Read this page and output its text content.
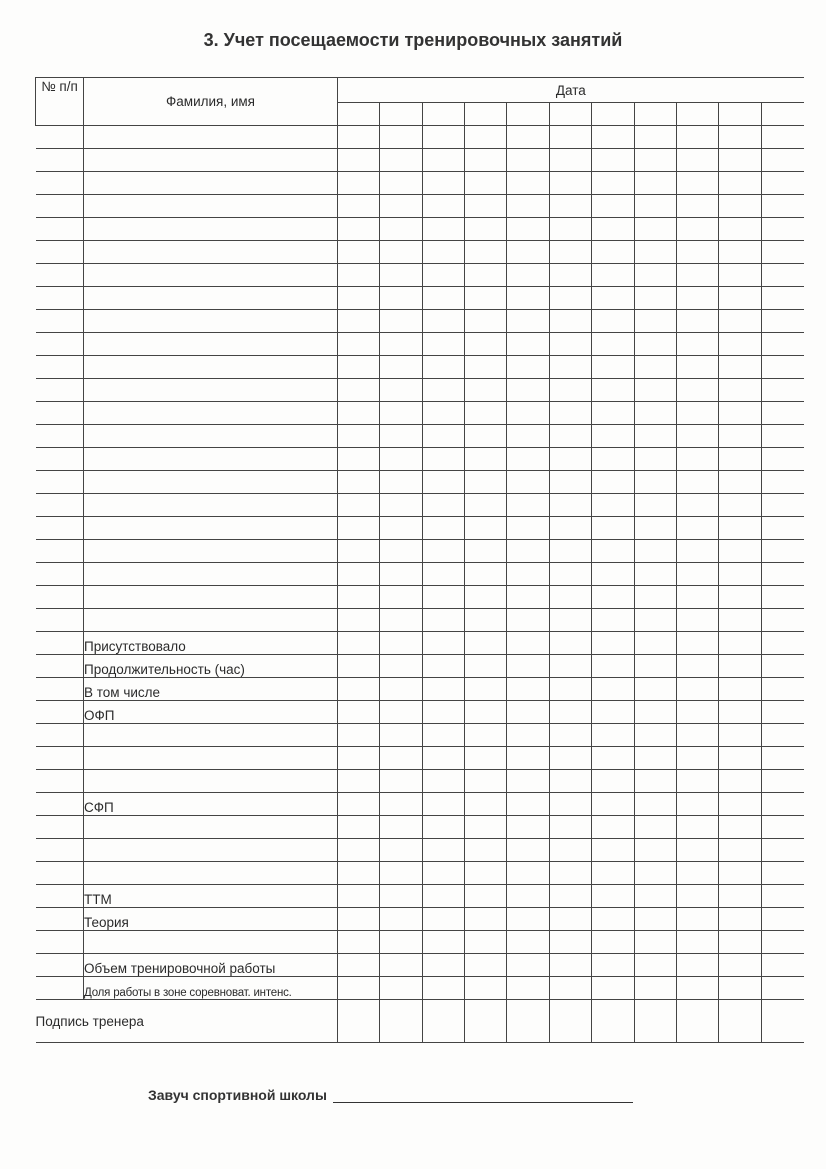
3. Учет посещаемости тренировочных занятий
№ п/п	Фамилия, имя	Дата										

	Присутствовало											
	Продолжительность (час)											
	В том числе											
	ОФП											

	СФП											

	ТТМ											
	Теория											

	Объем тренировочной работы											
	Доля работы в зоне соревноват. интенс.											
Подпись тренера												
Завуч спортивной школы
